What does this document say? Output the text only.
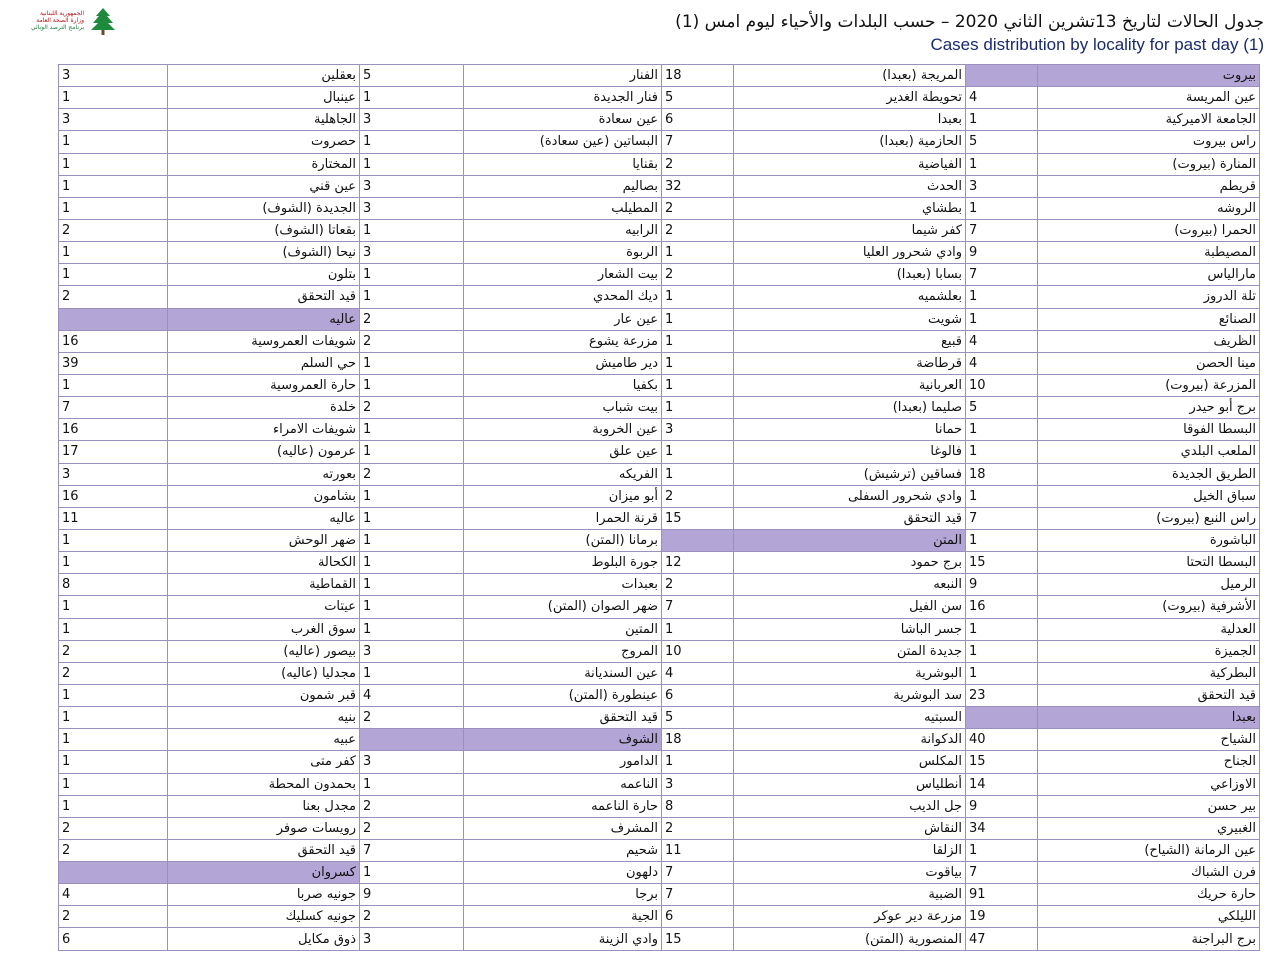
الجمهورية اللبنانية
وزارة الصحة العامة
برنامج الترصد الوبائي	جدول الحالات لتاريخ 13تشرين الثاني 2020 – حسب البلدات والأحياء ليوم امس (1)
Cases distribution by locality for past day (1)
بيروت		المريجة (بعبدا)	18	الفنار	5	بعقلين	3
عين المريسة	4	تحويطة الغدير	5	فنار الجديدة	1	عينبال	1
الجامعة الاميركية	1	بعبدا	6	عين سعادة	3	الجاهلية	3
راس بيروت	5	الحازمية (بعبدا)	7	البساتين (عين سعادة)	1	حصروت	1
المنارة (بيروت)	1	الفياضية	2	بقنايا	1	المختارة	1
قريطم	3	الحدث	32	بصاليم	3	عين قني	1
الروشه	1	بطشاي	2	المطيلب	3	الجديدة (الشوف)	1
الحمرا (بيروت)	7	كفر شيما	2	الرابيه	1	بقعاتا (الشوف)	2
المصيطبة	9	وادي شحرور العليا	1	الربوة	3	نيحا (الشوف)	1
مارالياس	7	بسابا (بعبدا)	2	بيت الشعار	1	بتلون	1
تلة الدروز	1	بعلشميه	1	ديك المحدي	1	قيد التحقق	2
الصنائع	1	شويت	1	عين عار	2	عاليه	
الظريف	4	قبيع	1	مزرعة يشوع	2	شويفات العمروسية	16
مينا الحصن	4	قرطاضة	1	دير طاميش	1	حي السلم	39
المزرعة (بيروت)	10	العربانية	1	بكفيا	1	حارة العمروسية	1
برج أبو حيدر	5	صليما (بعبدا)	1	بيت شباب	2	خلدة	7
البسطا الفوقا	1	حمانا	3	عين الخروبة	1	شويفات الامراء	16
الملعب البلدي	1	فالوغا	1	عين علق	1	عرمون (عاليه)	17
الطريق الجديدة	18	فساقين (ترشيش)	1	الفريكه	2	بعورته	3
سباق الخيل	1	وادي شحرور السفلى	2	أبو ميزان	1	بشامون	16
راس النبع (بيروت)	7	قيد التحقق	15	قرنة الحمرا	1	عاليه	11
الباشورة	1	المتن		برمانا (المتن)	1	ضهر الوحش	1
البسطا التحتا	15	برج حمود	12	جورة البلوط	1	الكحالة	1
الرميل	9	النبعه	2	بعبدات	1	القماطية	8
الأشرفية (بيروت)	16	سن الفيل	7	ضهر الصوان (المتن)	1	عيتات	1
العدلية	1	جسر الباشا	1	المتين	1	سوق الغرب	1
الجميزة	1	جديدة المتن	10	المروج	3	بيصور (عاليه)	2
البطركية	1	البوشرية	4	عين السنديانة	1	مجدليا (عاليه)	2
قيد التحقق	23	سد البوشرية	6	عينطورة (المتن)	4	قبر شمون	1
بعبدا		السبتيه	5	قيد التحقق	2	بنيه	1
الشياح	40	الدكوانة	18	الشوف		عبيه	1
الجناح	15	المكلس	1	الدامور	3	كفر متى	1
الاوزاعي	14	أنطلياس	3	الناعمه	1	بحمدون المحطة	1
بير حسن	9	جل الديب	8	حارة الناعمه	2	مجدل بعنا	1
الغبيري	34	النقاش	2	المشرف	2	رويسات صوفر	2
عين الرمانة (الشياح)	1	الزلقا	11	شحيم	7	قيد التحقق	2
فرن الشباك	7	بياقوت	7	دلهون	1	كسروان	
حارة حريك	91	الضبية	7	برجا	9	جونيه صربا	4
الليلكي	19	مزرعة دير عوكر	6	الجية	2	جونيه كسليك	2
برج البراجنة	47	المنصورية (المتن)	15	وادي الزينة	3	ذوق مكايل	6
